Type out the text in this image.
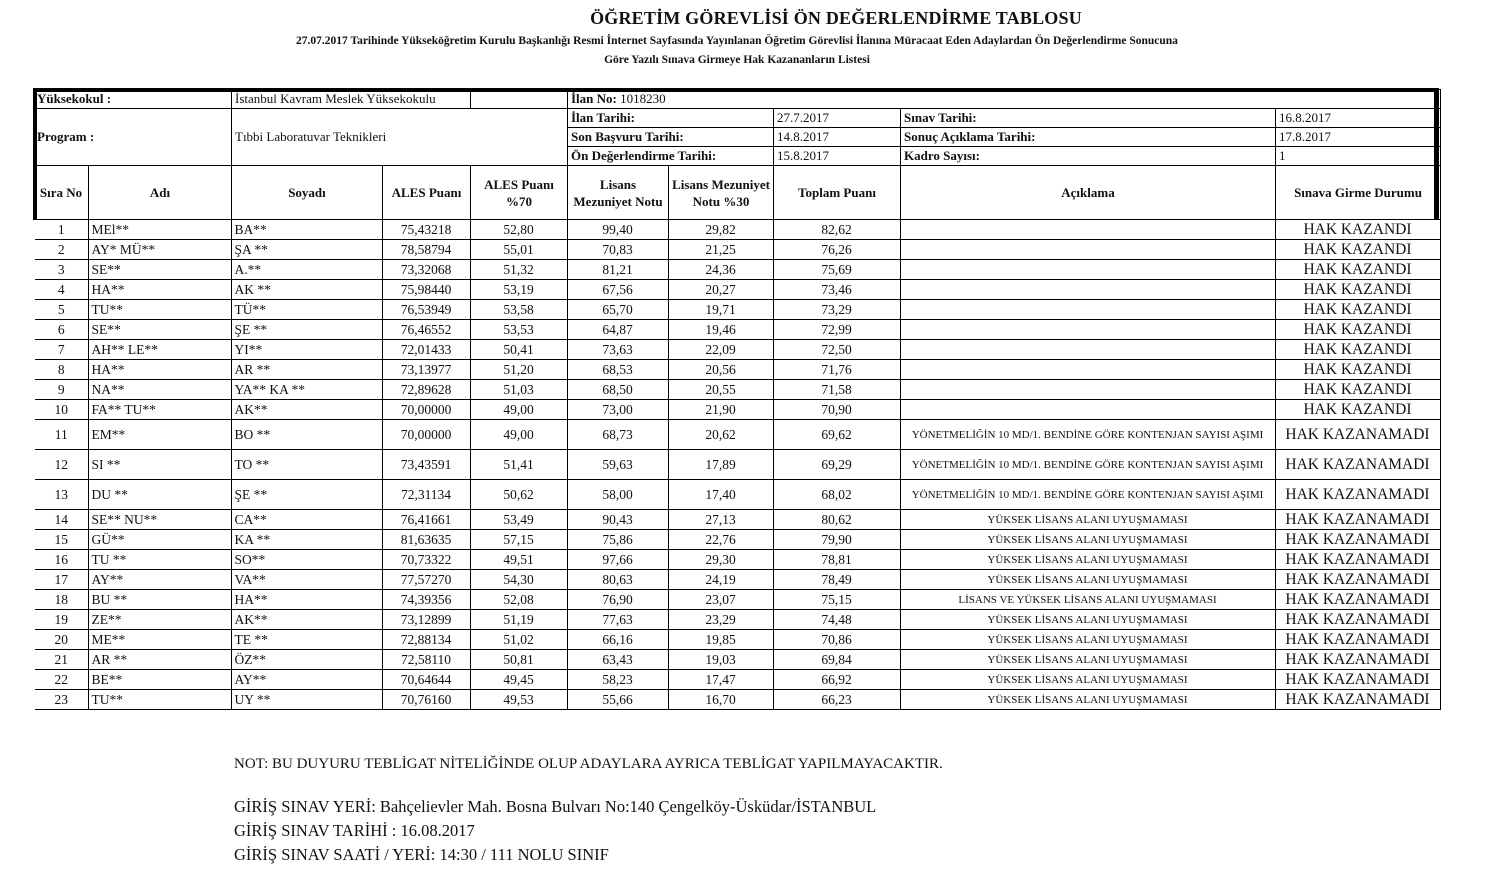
ÖĞRETİM GÖREVLİSİ ÖN DEĞERLENDİRME TABLOSU
27.07.2017 Tarihinde Yükseköğretim Kurulu Başkanlığı Resmi İnternet Sayfasında Yayınlanan Öğretim Görevlisi İlanına Müracaat Eden Adaylardan Ön Değerlendirme Sonucuna
Göre Yazılı Sınava Girmeye Hak Kazananların Listesi
Yüksekokul :		İstanbul Kavram Meslek Yüksekokulu			İlan No: 1018230				
Program :		Tıbbi Laboratuvar Teknikleri			İlan Tarihi:		27.7.2017	Sınav Tarihi:	16.8.2017
					Son Başvuru Tarihi:		14.8.2017	Sonuç Açıklama Tarihi:	17.8.2017
					Ön Değerlendirme Tarihi:		15.8.2017	Kadro Sayısı:	1
Sıra No	Adı	Soyadı	ALES Puanı	ALES Puanı %70	Lisans Mezuniyet Notu	Lisans Mezuniyet Notu %30	Toplam Puanı	Açıklama	Sınava Girme Durumu
1	MEl**	BA**	75,43218	52,80	99,40	29,82	82,62		HAK KAZANDI
2	AY* MÜ**	ŞA **	78,58794	55,01	70,83	21,25	76,26		HAK KAZANDI
3	SE**	A.**	73,32068	51,32	81,21	24,36	75,69		HAK KAZANDI
4	HA**	AK **	75,98440	53,19	67,56	20,27	73,46		HAK KAZANDI
5	TU**	TÜ**	76,53949	53,58	65,70	19,71	73,29		HAK KAZANDI
6	SE**	ŞE **	76,46552	53,53	64,87	19,46	72,99		HAK KAZANDI
7	AH** LE**	YI**	72,01433	50,41	73,63	22,09	72,50		HAK KAZANDI
8	HA**	AR **	73,13977	51,20	68,53	20,56	71,76		HAK KAZANDI
9	NA**	YA** KA **	72,89628	51,03	68,50	20,55	71,58		HAK KAZANDI
10	FA** TU**	AK**	70,00000	49,00	73,00	21,90	70,90		HAK KAZANDI
11	EM**	BO **	70,00000	49,00	68,73	20,62	69,62	YÖNETMELİĞİN 10 MD/1. BENDİNE GÖRE KONTENJAN SAYISI AŞIMI	HAK KAZANAMADI
12	SI **	TO **	73,43591	51,41	59,63	17,89	69,29	YÖNETMELİĞİN 10 MD/1. BENDİNE GÖRE KONTENJAN SAYISI AŞIMI	HAK KAZANAMADI
13	DU **	ŞE **	72,31134	50,62	58,00	17,40	68,02	YÖNETMELİĞİN 10 MD/1. BENDİNE GÖRE KONTENJAN SAYISI AŞIMI	HAK KAZANAMADI
14	SE** NU**	CA**	76,41661	53,49	90,43	27,13	80,62	YÜKSEK LİSANS ALANI UYUŞMAMASI	HAK KAZANAMADI
15	GÜ**	KA **	81,63635	57,15	75,86	22,76	79,90	YÜKSEK LİSANS ALANI UYUŞMAMASI	HAK KAZANAMADI
16	TU **	SO**	70,73322	49,51	97,66	29,30	78,81	YÜKSEK LİSANS ALANI UYUŞMAMASI	HAK KAZANAMADI
17	AY**	VA**	77,57270	54,30	80,63	24,19	78,49	YÜKSEK LİSANS ALANI UYUŞMAMASI	HAK KAZANAMADI
18	BU **	HA**	74,39356	52,08	76,90	23,07	75,15	LİSANS VE YÜKSEK LİSANS ALANI UYUŞMAMASI	HAK KAZANAMADI
19	ZE**	AK**	73,12899	51,19	77,63	23,29	74,48	YÜKSEK LİSANS ALANI UYUŞMAMASI	HAK KAZANAMADI
20	ME**	TE **	72,88134	51,02	66,16	19,85	70,86	YÜKSEK LİSANS ALANI UYUŞMAMASI	HAK KAZANAMADI
21	AR **	ÖZ**	72,58110	50,81	63,43	19,03	69,84	YÜKSEK LİSANS ALANI UYUŞMAMASI	HAK KAZANAMADI
22	BE**	AY**	70,64644	49,45	58,23	17,47	66,92	YÜKSEK LİSANS ALANI UYUŞMAMASI	HAK KAZANAMADI
23	TU**	UY **	70,76160	49,53	55,66	16,70	66,23	YÜKSEK LİSANS ALANI UYUŞMAMASI	HAK KAZANAMADI
NOT: BU DUYURU TEBLİGAT NİTELİĞİNDE OLUP ADAYLARA AYRICA TEBLİGAT YAPILMAYACAKTIR.
GİRİŞ SINAV YERİ: Bahçelievler Mah. Bosna Bulvarı No:140 Çengelköy-Üsküdar/İSTANBUL
GİRİŞ SINAV TARİHİ : 16.08.2017
GİRİŞ SINAV SAATİ / YERİ: 14:30 / 111 NOLU SINIF
